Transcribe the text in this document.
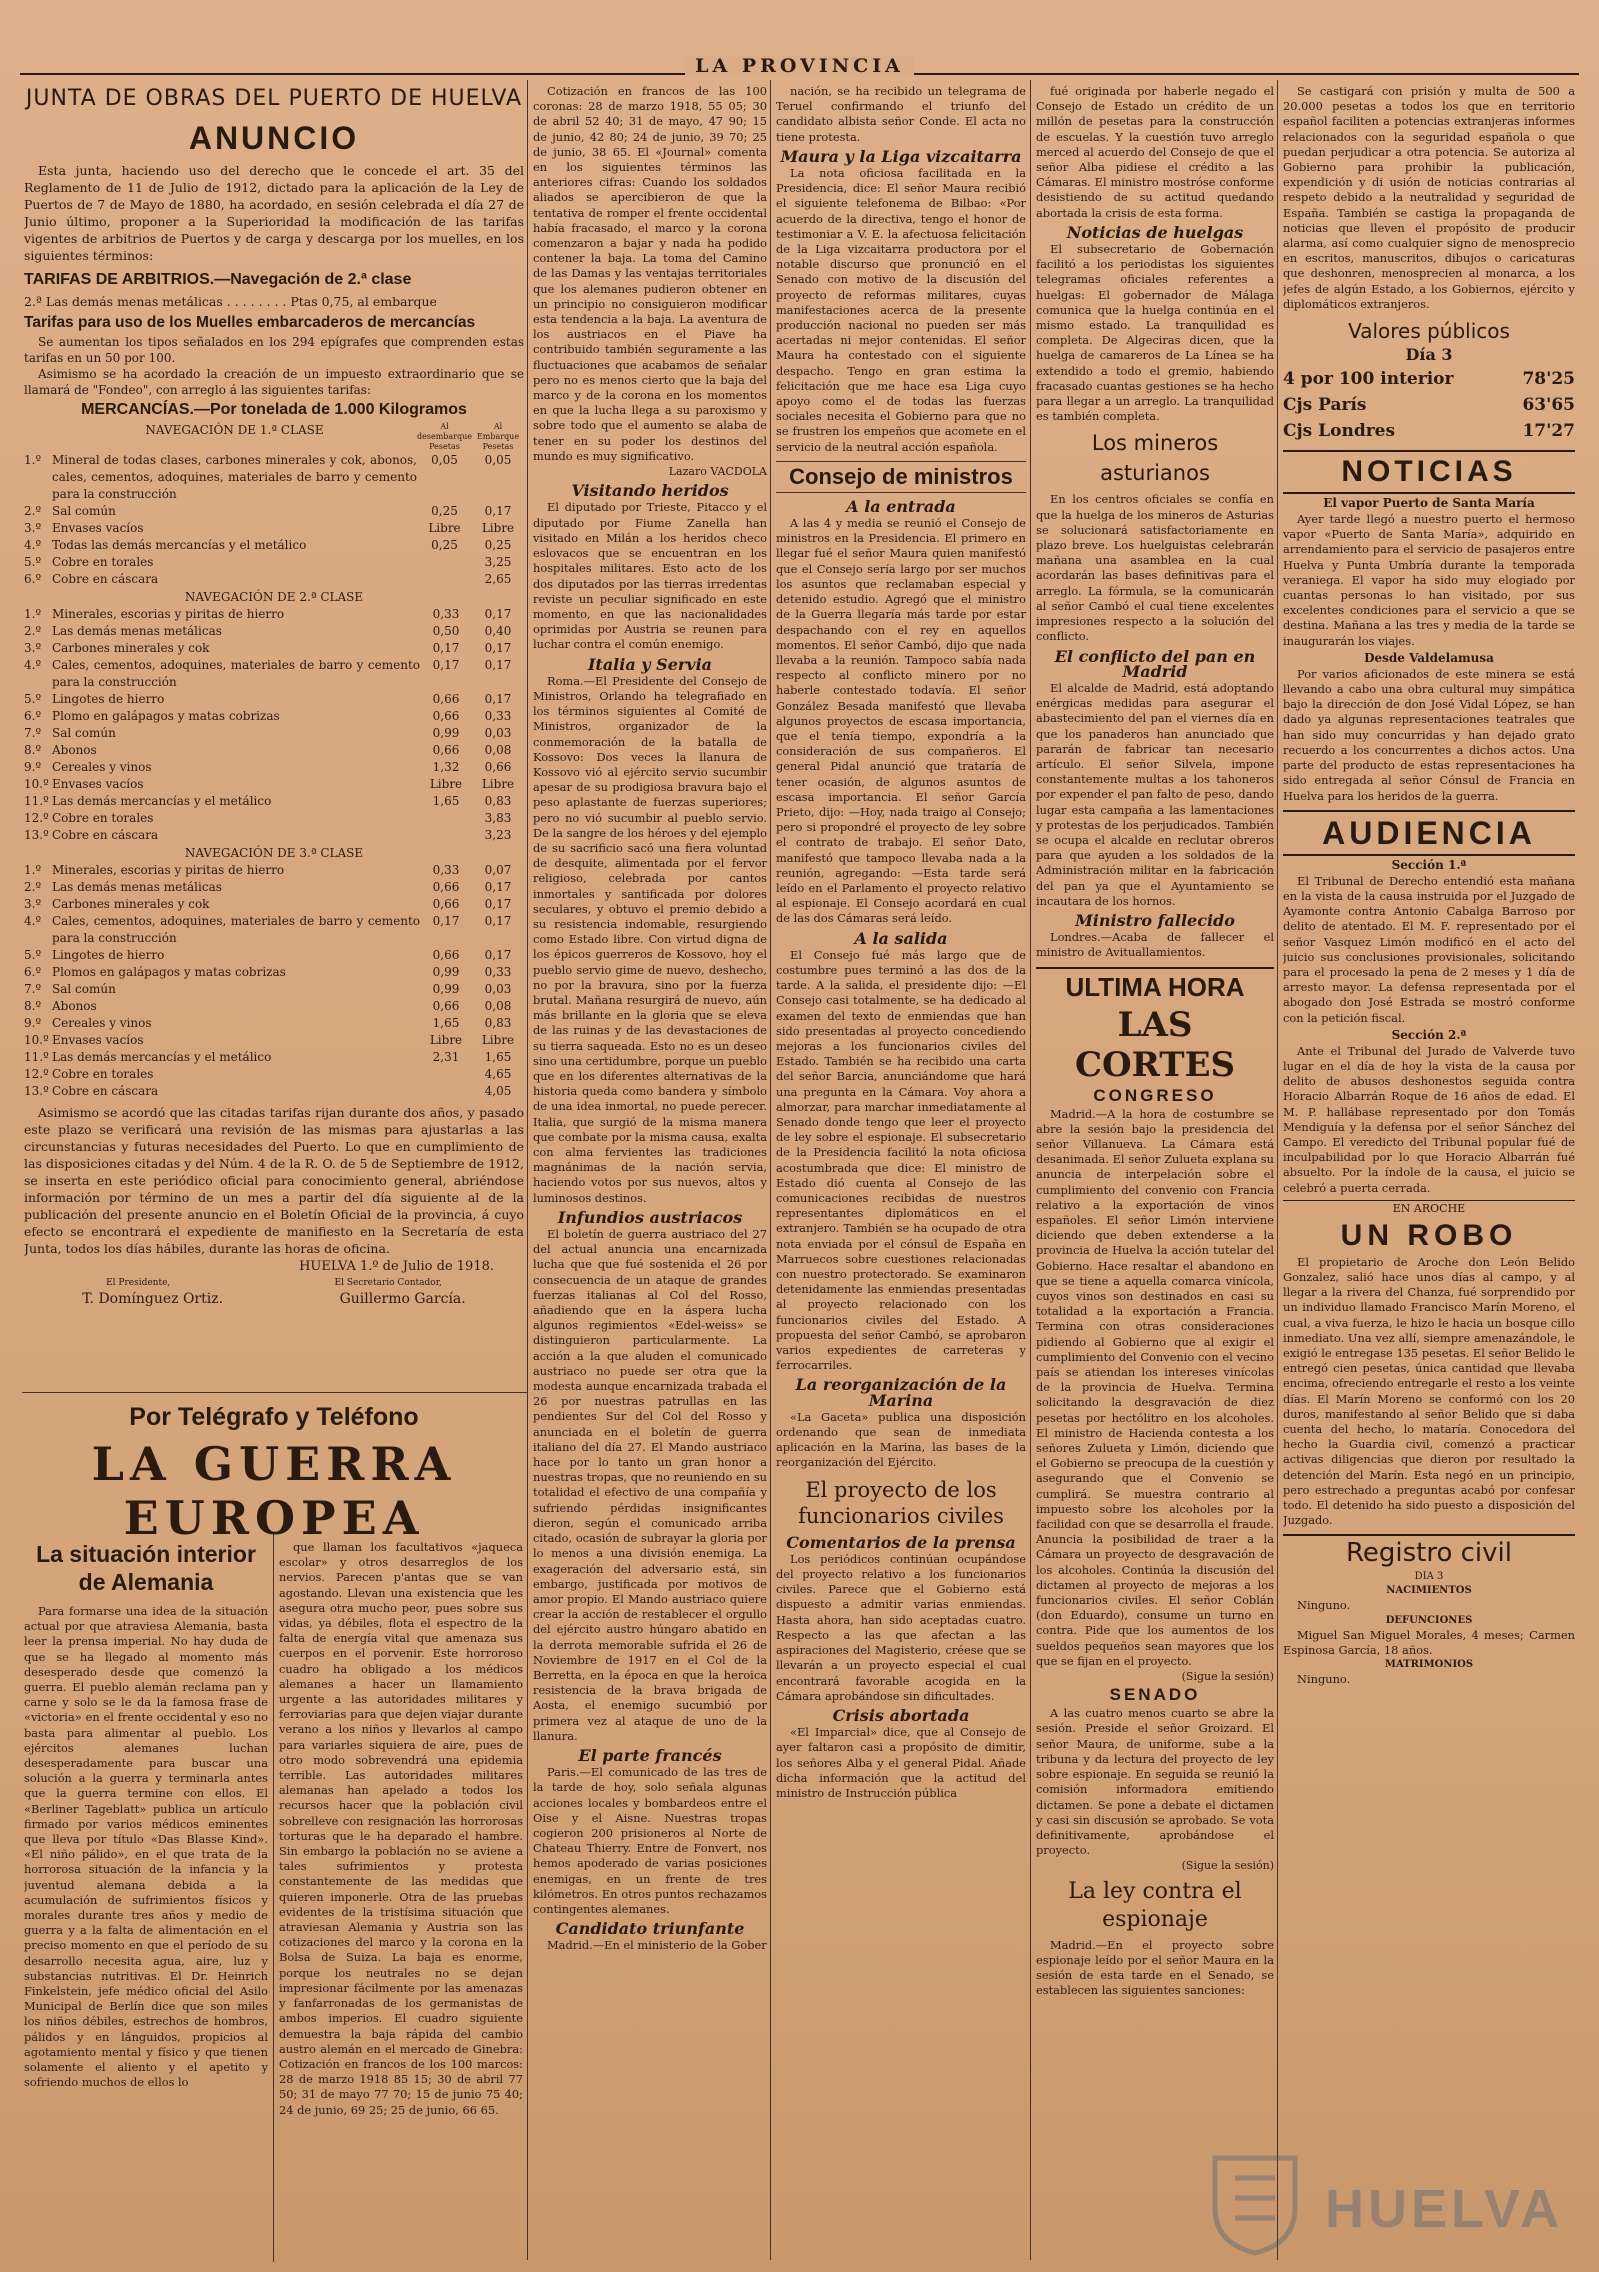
LA PROVINCIA
JUNTA DE OBRAS DEL PUERTO DE HUELVA
ANUNCIO

Esta junta, haciendo uso del derecho que le concede el art. 35 del Reglamento de 11 de Julio de 1912, dictado para la aplicación de la Ley de Puertos de 7 de Mayo de 1880, ha acordado, en sesión celebrada el día 27 de Junio último, proponer a la Superioridad la modificación de las tarifas vigentes de arbitrios de Puertos y de carga y descarga por los muelles, en los siguientes términos:

TARIFAS DE ARBITRIOS.—Navegación de 2.ª clase
2.ª Las demás menas metálicas . . . . . . . . Ptas 0,75, al embarque
Tarifas para uso de los Muelles embarcaderos de mercancías

Se aumentan los tipos señalados en los 294 epígrafes que comprenden estas tarifas en un 50 por 100.

Asimismo se ha acordado la creación de un impuesto extraordinario que se llamará de "Fondeo", con arreglo á las siguientes tarifas:

MERCANCÍAS.—Por tonelada de 1.000 Kilogramos
	NAVEGACIÓN DE 1.ª CLASE	Al desembarque
Pesetas	Al Embarque
Pesetas
1.º	Mineral de todas clases, carbones minerales y cok, abonos, cales, cementos, adoquines, materiales de barro y cemento para la construcción	0,05	0,05
2.º	Sal común	0,25	0,17
3.º	Envases vacíos	Libre	Libre
4.º	Todas las demás mercancías y el metálico	0,25	0,25
5.º	Cobre en torales		3,25
6.º	Cobre en cáscara		2,65
NAVEGACIÓN DE 2.ª CLASE
1.º	Minerales, escorias y piritas de hierro	0,33	0,17
2.º	Las demás menas metálicas	0,50	0,40
3.º	Carbones minerales y cok	0,17	0,17
4.º	Cales, cementos, adoquines, materiales de barro y cemento para la construcción	0,17	0,17
5.º	Lingotes de hierro	0,66	0,17
6.º	Plomo en galápagos y matas cobrizas	0,66	0,33
7.º	Sal común	0,99	0,03
8.º	Abonos	0,66	0,08
9.º	Cereales y vinos	1,32	0,66
10.º	Envases vacíos	Libre	Libre
11.º	Las demás mercancías y el metálico	1,65	0,83
12.º	Cobre en torales		3,83
13.º	Cobre en cáscara		3,23
NAVEGACIÓN DE 3.ª CLASE
1.º	Minerales, escorias y piritas de hierro	0,33	0,07
2.º	Las demás menas metálicas	0,66	0,17
3.º	Carbones minerales y cok	0,66	0,17
4.º	Cales, cementos, adoquines, materiales de barro y cemento para la construcción	0,17	0,17
5.º	Lingotes de hierro	0,66	0,17
6.º	Plomos en galápagos y matas cobrizas	0,99	0,33
7.º	Sal común	0,99	0,03
8.º	Abonos	0,66	0,08
9.º	Cereales y vinos	1,65	0,83
10.º	Envases vacíos	Libre	Libre
11.º	Las demás mercancías y el metálico	2,31	1,65
12.º	Cobre en torales		4,65
13.º	Cobre en cáscara		4,05

Asimismo se acordó que las citadas tarifas rijan durante dos años, y pasado este plazo se verificará una revisión de las mismas para ajustarlas a las circunstancias y futuras necesidades del Puerto. Lo que en cumplimiento de las disposiciones citadas y del Núm. 4 de la R. O. de 5 de Septiembre de 1912, se inserta en este periódico oficial para conocimiento general, abriéndose información por término de un mes a partir del día siguiente al de la publicación del presente anuncio en el Boletín Oficial de la provincia, á cuyo efecto se encontrará el expediente de manifiesto en la Secretaría de esta Junta, todos los días hábiles, durante las horas de oficina.

HUELVA 1.º de Julio de 1918.
El Presidente,	El Secretario Contador,
T. Domínguez Ortiz.	Guillermo García.
Por Telégrafo y Teléfono
LA GUERRA
EUROPEA
La situación interior de Alemania

Para formarse una idea de la situación actual por que atraviesa Alemania, basta leer la prensa imperial. No hay duda de que se ha llegado al momento más desesperado desde que comenzó la guerra. El pueblo alemán reclama pan y carne y solo se le da la famosa frase de «victoria» en el frente occidental y eso no basta para alimentar al pueblo. Los ejércitos alemanes luchan desesperadamente para buscar una solución a la guerra y terminarla antes que la guerra termine con ellos. El «Berliner Tageblatt» publica un artículo firmado por varios médicos eminentes que lleva por título «Das Blasse Kind». «El niño pálido», en el que trata de la horrorosa situación de la infancia y la juventud alemana debida a la acumulación de sufrimientos físicos y morales durante tres años y medio de guerra y a la falta de alimentación en el preciso momento en que el período de su desarrollo necesita agua, aire, luz y substancias nutritivas. El Dr. Heinrich Finkelstein, jefe médico oficial del Asilo Municipal de Berlín dice que son miles los niños débiles, estrechos de hombros, pálidos y en lánguidos, propicios al agotamiento mental y físico y que tienen solamente el aliento y el apetito y sofriendo muchos de ellos lo

que llaman los facultativos «jaqueca escolar» y otros desarreglos de los nervios. Parecen p'antas que se van agostando. Llevan una existencia que les asegura otra mucho peor, pues sobre sus vidas, ya débiles, flota el espectro de la falta de energía vital que amenaza sus cuerpos en el porvenir. Este horroroso cuadro ha obligado a los médicos alemanes a hacer un llamamiento urgente a las autoridades militares y ferroviarias para que dejen viajar durante verano a los niños y llevarlos al campo para variarles siquiera de aire, pues de otro modo sobrevendrá una epidemia terrible. Las autoridades militares alemanas han apelado a todos los recursos hacer que la población civil sobrelleve con resignación las horrorosas torturas que le ha deparado el hambre. Sin embargo la población no se aviene a tales sufrimientos y protesta constantemente de las medidas que quieren imponerle. Otra de las pruebas evidentes de la tristísima situación que atraviesan Alemania y Austria son las cotizaciones del marco y la corona en la Bolsa de Suiza. La baja es enorme, porque los neutrales no se dejan impresionar fácilmente por las amenazas y fanfarronadas de los germanistas de ambos imperios. El cuadro siguiente demuestra la baja rápida del cambio austro alemán en el mercado de Ginebra: Cotización en francos de los 100 marcos: 28 de marzo 1918 85 15; 30 de abril 77 50; 31 de mayo 77 70; 15 de junio 75 40; 24 de junio, 69 25; 25 de junio, 66 65.

Cotización en francos de las 100 coronas: 28 de marzo 1918, 55 05; 30 de abril 52 40; 31 de mayo, 47 90; 15 de junio, 42 80; 24 de junio, 39 70; 25 de junio, 38 65. El «Journal» comenta en los siguientes términos las anteriores cifras: Cuando los soldados aliados se apercibieron de que la tentativa de romper el frente occidental había fracasado, el marco y la corona comenzaron a bajar y nada ha podido contener la baja. La toma del Camino de las Damas y las ventajas territoriales que los alemanes pudieron obtener en un principio no consiguieron modificar esta tendencia a la baja. La aventura de los austriacos en el Piave ha contribuido también seguramente a las fluctuaciones que acabamos de señalar pero no es menos cierto que la baja del marco y de la corona en los momentos en que la lucha llega a su paroxismo y sobre todo que el aumento se alaba de tener en su poder los destinos del mundo es muy significativo.

Lazaro VACDOLA
Visitando heridos

El diputado por Trieste, Pitacco y el diputado por Fiume Zanella han visitado en Milán a los heridos checo eslovacos que se encuentran en los hospitales militares. Esto acto de los dos diputados por las tierras irredentas reviste un peculiar significado en este momento, en que las nacionalidades oprimidas por Austria se reunen para luchar contra el común enemigo.

Italia y Servia

Roma.—El Presidente del Consejo de Ministros, Orlando ha telegrafiado en los términos siguientes al Comité de Ministros, organizador de la conmemoración de la batalla de Kossovo: Dos veces la llanura de Kossovo vió al ejército servio sucumbir apesar de su prodigiosa bravura bajo el peso aplastante de fuerzas superiores; pero no vió sucumbir al pueblo servio. De la sangre de los héroes y del ejemplo de su sacrificio sacó una fiera voluntad de desquite, alimentada por el fervor religioso, celebrada por cantos inmortales y santificada por dolores seculares, y obtuvo el premio debido a su resistencia indomable, resurgiendo como Estado libre. Con virtud digna de los épicos guerreros de Kossovo, hoy el pueblo servio gime de nuevo, deshecho, no por la bravura, sino por la fuerza brutal. Mañana resurgirá de nuevo, aún más brillante en la gloria que se eleva de las ruinas y de las devastaciones de su tierra saqueada. Esto no es un deseo sino una certidumbre, porque un pueblo que en los diferentes alternativas de la historia queda como bandera y símbolo de una idea inmortal, no puede perecer. Italia, que surgió de la misma manera que combate por la misma causa, exalta con alma fervientes las tradiciones magnánimas de la nación servia, haciendo votos por sus nuevos, altos y luminosos destinos.

Infundios austriacos

El boletín de guerra austriaco del 27 del actual anuncia una encarnizada lucha que que fué sostenida el 26 por consecuencia de un ataque de grandes fuerzas italianas al Col del Rosso, añadiendo que en la áspera lucha algunos regimientos «Edel-weiss» se distinguieron particularmente. La acción a la que aluden el comunicado austriaco no puede ser otra que la modesta aunque encarnizada trabada el 26 por nuestras patrullas en las pendientes Sur del Col del Rosso y anunciada en el boletín de guerra italiano del día 27. El Mando austriaco hace por lo tanto un gran honor a nuestras tropas, que no reuniendo en su totalidad el efectivo de una compañía y sufriendo pérdidas insignificantes dieron, según el comunicado arriba citado, ocasión de subrayar la gloria por lo menos a una división enemiga. La exageración del adversario está, sin embargo, justificada por motivos de amor propio. El Mando austriaco quiere crear la acción de restablecer el orgullo del ejército austro húngaro abatido en la derrota memorable sufrida el 26 de Noviembre de 1917 en el Col de la Berretta, en la época en que la heroica resistencia de la brava brigada de Aosta, el enemigo sucumbió por primera vez al ataque de uno de la llanura.

El parte francés

Paris.—El comunicado de las tres de la tarde de hoy, solo señala algunas acciones locales y bombardeos entre el Oise y el Aisne. Nuestras tropas cogieron 200 prisioneros al Norte de Chateau Thierry. Entre de Fonvert, nos hemos apoderado de varias posiciones enemigas, en un frente de tres kilómetros. En otros puntos rechazamos contingentes alemanes.

Candidato triunfante

Madrid.—En el ministerio de la Gober

nación, se ha recibido un telegrama de Teruel confirmando el triunfo del candidato albista señor Conde. El acta no tiene protesta.

Maura y la Liga vizcaitarra

La nota oficiosa facilitada en la Presidencia, dice: El señor Maura recibió el siguiente telefonema de Bilbao: «Por acuerdo de la directiva, tengo el honor de testimoniar a V. E. la afectuosa felicitación de la Liga vizcaitarra productora por el notable discurso que pronunció en el Senado con motivo de la discusión del proyecto de reformas militares, cuyas manifestaciones acerca de la presente producción nacional no pueden ser más acertadas ni mejor contenidas. El señor Maura ha contestado con el siguiente despacho. Tengo en gran estima la felicitación que me hace esa Liga cuyo apoyo como el de todas las fuerzas sociales necesita el Gobierno para que no se frustren los empeños que acomete en el servicio de la neutral acción española.

Consejo de ministros
A la entrada

A las 4 y media se reunió el Consejo de ministros en la Presidencia. El primero en llegar fué el señor Maura quien manifestó que el Consejo sería largo por ser muchos los asuntos que reclamaban especial y detenido estudio. Agregó que el ministro de la Guerra llegaría más tarde por estar despachando con el rey en aquellos momentos. El señor Cambó, dijo que nada llevaba a la reunión. Tampoco sabía nada respecto al conflicto minero por no haberle contestado todavía. El señor González Besada manifestó que llevaba algunos proyectos de escasa importancia, que el tenía tiempo, expondría a la consideración de sus compañeros. El general Pidal anunció que trataría de tener ocasión, de algunos asuntos de escasa importancia. El señor García Prieto, dijo: —Hoy, nada traigo al Consejo; pero si propondré el proyecto de ley sobre el contrato de trabajo. El señor Dato, manifestó que tampoco llevaba nada a la reunión, agregando: —Esta tarde será leído en el Parlamento el proyecto relativo al espionaje. El Consejo acordará en cual de las dos Cámaras será leído.

A la salida

El Consejo fué más largo que de costumbre pues terminó a las dos de la tarde. A la salida, el presidente dijo: —El Consejo casi totalmente, se ha dedicado al examen del texto de enmiendas que han sido presentadas al proyecto concediendo mejoras a los funcionarios civiles del Estado. También se ha recibido una carta del señor Barcia, anunciándome que hará una pregunta en la Cámara. Voy ahora a almorzar, para marchar inmediatamente al Senado donde tengo que leer el proyecto de ley sobre el espionaje. El subsecretario de la Presidencia facilitó la nota oficiosa acostumbrada que dice: El ministro de Estado dió cuenta al Consejo de las comunicaciones recibidas de nuestros representantes diplomáticos en el extranjero. También se ha ocupado de otra nota enviada por el cónsul de España en Marruecos sobre cuestiones relacionadas con nuestro protectorado. Se examinaron detenidamente las enmiendas presentadas al proyecto relacionado con los funcionarios civiles del Estado. A propuesta del señor Cambó, se aprobaron varios expedientes de carreteras y ferrocarriles.

La reorganización de la Marina

«La Gaceta» publica una disposición ordenando que sean de inmediata aplicación en la Marina, las bases de la reorganización del Ejército.

El proyecto de los funcionarios civiles
Comentarios de la prensa

Los periódicos continúan ocupándose del proyecto relativo a los funcionarios civiles. Parece que el Gobierno está dispuesto a admitir varias enmiendas. Hasta ahora, han sido aceptadas cuatro. Respecto a las que afectan a las aspiraciones del Magisterio, créese que se llevarán a un proyecto especial el cual encontrará favorable acogida en la Cámara aprobándose sin dificultades.

Crisis abortada

«El Imparcial» dice, que al Consejo de ayer faltaron casi a propósito de dimitir, los señores Alba y el general Pidal. Añade dicha información que la actitud del ministro de Instrucción pública

fué originada por haberle negado el Consejo de Estado un crédito de un millón de pesetas para la construcción de escuelas. Y la cuestión tuvo arreglo merced al acuerdo del Consejo de que el señor Alba pidiese el crédito a las Cámaras. El ministro mostróse conforme desistiendo de su actitud quedando abortada la crisis de esta forma.

Noticias de huelgas

El subsecretario de Gobernación facilitó a los periodistas los siguientes telegramas oficiales referentes a huelgas: El gobernador de Málaga comunica que la huelga continúa en el mismo estado. La tranquilidad es completa. De Algeciras dicen, que la huelga de camareros de La Línea se ha extendido a todo el gremio, habiendo fracasado cuantas gestiones se ha hecho para llegar a un arreglo. La tranquilidad es también completa.

Los mineros asturianos

En los centros oficiales se confía en que la huelga de los mineros de Asturias se solucionará satisfactoriamente en plazo breve. Los huelguistas celebrarán mañana una asamblea en la cual acordarán las bases definitivas para el arreglo. La fórmula, se la comunicarán al señor Cambó el cual tiene excelentes impresiones respecto a la solución del conflicto.

El conflicto del pan en Madrid

El alcalde de Madrid, está adoptando enérgicas medidas para asegurar el abastecimiento del pan el viernes día en que los panaderos han anunciado que pararán de fabricar tan necesario artículo. El señor Silvela, impone constantemente multas a los tahoneros por expender el pan falto de peso, dando lugar esta campaña a las lamentaciones y protestas de los perjudicados. También se ocupa el alcalde en reclutar obreros para que ayuden a los soldados de la Administración militar en la fabricación del pan ya que el Ayuntamiento se incautara de los hornos.

Ministro fallecido

Londres.—Acaba de fallecer el ministro de Avituallamientos.

ULTIMA HORA
LAS CORTES
CONGRESO

Madrid.—A la hora de costumbre se abre la sesión bajo la presidencia del señor Villanueva. La Cámara está desanimada. El señor Zulueta explana su anuncia de interpelación sobre el cumplimiento del convenio con Francia relativo a la exportación de vinos españoles. El señor Limón interviene diciendo que deben extenderse a la provincia de Huelva la acción tutelar del Gobierno. Hace resaltar el abandono en que se tiene a aquella comarca vinícola, cuyos vinos son destinados en casi su totalidad a la exportación a Francia. Termina con otras consideraciones pidiendo al Gobierno que al exigir el cumplimiento del Convenio con el vecino país se atiendan los intereses vinícolas de la provincia de Huelva. Termina solicitando la desgravación de diez pesetas por hectólitro en los alcoholes. El ministro de Hacienda contesta a los señores Zulueta y Limón, diciendo que el Gobierno se preocupa de la cuestión y asegurando que el Convenio se cumplirá. Se muestra contrario al impuesto sobre los alcoholes por la facilidad con que se desarrolla el fraude. Anuncia la posibilidad de traer a la Cámara un proyecto de desgravación de los alcoholes. Continúa la discusión del dictamen al proyecto de mejoras a los funcionarios civiles. El señor Coblán (don Eduardo), consume un turno en contra. Pide que los aumentos de los sueldos pequeños sean mayores que los que se fijan en el proyecto.

(Sigue la sesión)
SENADO

A las cuatro menos cuarto se abre la sesión. Preside el señor Groizard. El señor Maura, de uniforme, sube a la tribuna y da lectura del proyecto de ley sobre espionaje. En seguida se reunió la comisión informadora emitiendo dictamen. Se pone a debate el dictamen y casi sin discusión se aprobado. Se vota definitivamente, aprobándose el proyecto.

(Sigue la sesión)
La ley contra el espionaje

Madrid.—En el proyecto sobre espionaje leído por el señor Maura en la sesión de esta tarde en el Senado, se establecen las siguientes sanciones:

Se castigará con prisión y multa de 500 a 20.000 pesetas a todos los que en territorio español faciliten a potencias extranjeras informes relacionados con la seguridad española o que puedan perjudicar a otra potencia. Se autoriza al Gobierno para prohibir la publicación, expendición y di usión de noticias contrarias al respeto debido a la neutralidad y seguridad de España. También se castiga la propaganda de noticias que lleven el propósito de producir alarma, así como cualquier signo de menosprecio en escritos, manuscritos, dibujos o caricaturas que deshonren, menosprecien al monarca, a los jefes de algún Estado, a los Gobiernos, ejército y diplomáticos extranjeros.

Valores públicos
Día 3
4 por 100 interior	78'25
Cjs París	63'65
Cjs Londres	17'27
NOTICIAS
El vapor Puerto de Santa María

Ayer tarde llegó a nuestro puerto el hermoso vapor «Puerto de Santa María», adquirido en arrendamiento para el servicio de pasajeros entre Huelva y Punta Umbría durante la temporada veraniega. El vapor ha sido muy elogiado por cuantas personas lo han visitado, por sus excelentes condiciones para el servicio a que se destina. Mañana a las tres y media de la tarde se inaugurarán los viajes.

Desde Valdelamusa

Por varios aficionados de este minera se está llevando a cabo una obra cultural muy simpática bajo la dirección de don José Vidal López, se han dado ya algunas representaciones teatrales que han sido muy concurridas y han dejado grato recuerdo a los concurrentes a dichos actos. Una parte del producto de estas representaciones ha sido entregada al señor Cónsul de Francia en Huelva para los heridos de la guerra.

AUDIENCIA
Sección 1.ª

El Tribunal de Derecho entendió esta mañana en la vista de la causa instruida por el Juzgado de Ayamonte contra Antonio Cabalga Barroso por delito de atentado. El M. F. representado por el señor Vasquez Limón modificó en el acto del juicio sus conclusiones provisionales, solicitando para el procesado la pena de 2 meses y 1 día de arresto mayor. La defensa representada por el abogado don José Estrada se mostró conforme con la petición fiscal.

Sección 2.ª

Ante el Tribunal del Jurado de Valverde tuvo lugar en el día de hoy la vista de la causa por delito de abusos deshonestos seguida contra Horacio Albarrán Roque de 16 años de edad. El M. P. hallábase representado por don Tomás Mendiguía y la defensa por el señor Sánchez del Campo. El veredicto del Tribunal popular fué de inculpabilidad por lo que Horacio Albarrán fué absuelto. Por la índole de la causa, el juicio se celebró a puerta cerrada.

EN AROCHE
UN ROBO

El propietario de Aroche don León Belido Gonzalez, salió hace unos días al campo, y al llegar a la rivera del Chanza, fué sorprendido por un individuo llamado Francisco Marín Moreno, el cual, a viva fuerza, le hizo le hacia un bosque cillo inmediato. Una vez allí, siempre amenazándole, le exigió le entregase 135 pesetas. El señor Belido le entregó cien pesetas, única cantidad que llevaba encima, ofreciendo entregarle el resto a los veinte días. El Marín Moreno se conformó con los 20 duros, manifestando al señor Belido que si daba cuenta del hecho, lo mataría. Conocedora del hecho la Guardia civil, comenzó a practicar activas diligencias que dieron por resultado la detención del Marín. Esta negó en un principio, pero estrechado a preguntas acabó por confesar todo. El detenido ha sido puesto a disposición del Juzgado.

Registro civil
DIA 3
NACIMIENTOS

Ninguno.

DEFUNCIONES

Miguel San Miguel Morales, 4 meses; Carmen Espinosa García, 18 años.

MATRIMONIOS

Ninguno.

HUELVA
